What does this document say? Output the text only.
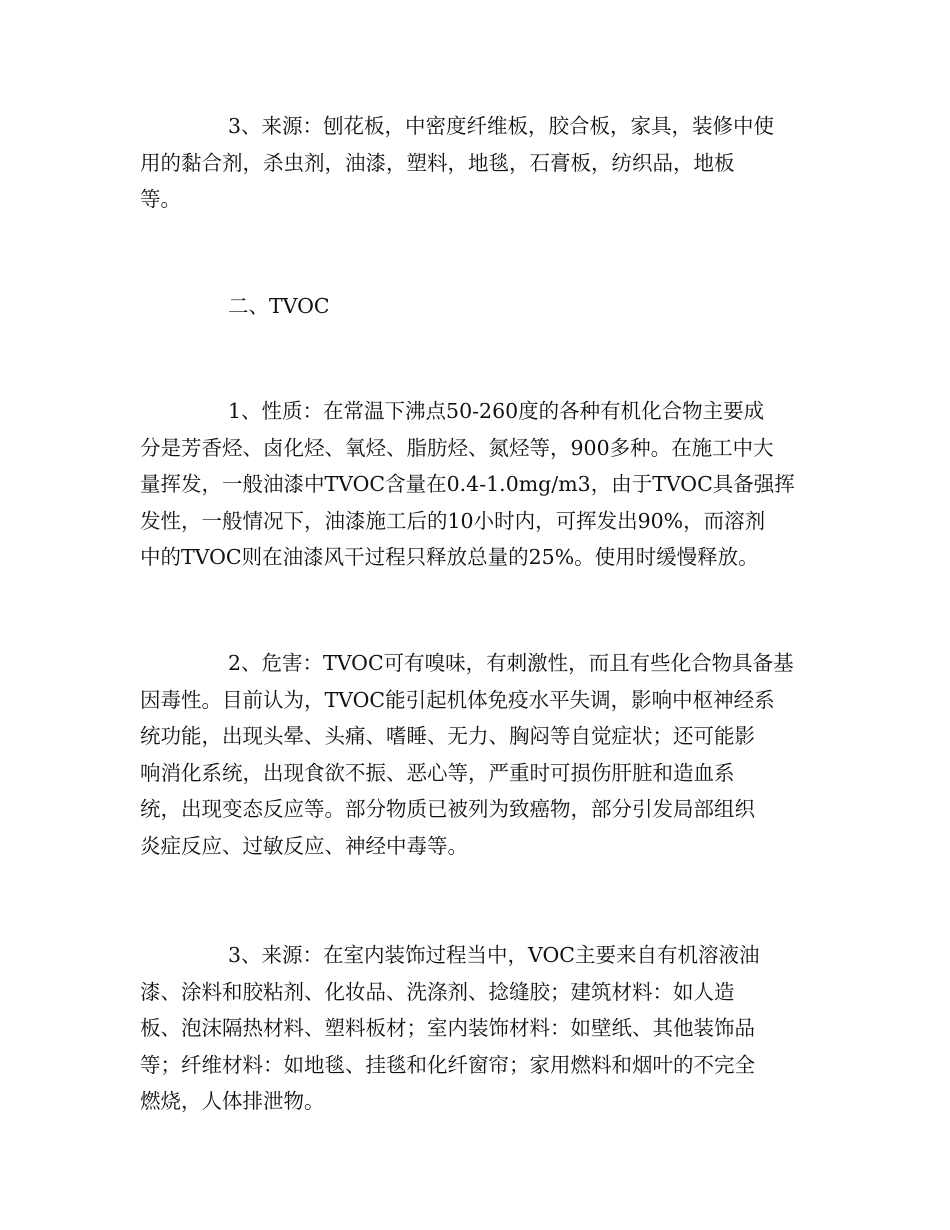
3、来源：刨花板，中密度纤维板，胶合板，家具，装修中使
用的黏合剂，杀虫剂，油漆，塑料，地毯，石膏板，纺织品，地板
等。
二、TVOC
1、性质：在常温下沸点50-260度的各种有机化合物主要成
分是芳香烃、卤化烃、氧烃、脂肪烃、氮烃等，900多种。在施工中大
量挥发，一般油漆中TVOC含量在0.4-1.0mg/m3，由于TVOC具备强挥
发性，一般情况下，油漆施工后的10小时内，可挥发出90%，而溶剂
中的TVOC则在油漆风干过程只释放总量的25%。使用时缓慢释放。
2、危害：TVOC可有嗅味，有刺激性，而且有些化合物具备基
因毒性。目前认为，TVOC能引起机体免疫水平失调，影响中枢神经系
统功能，出现头晕、头痛、嗜睡、无力、胸闷等自觉症状；还可能影
响消化系统，出现食欲不振、恶心等，严重时可损伤肝脏和造血系
统，出现变态反应等。部分物质已被列为致癌物，部分引发局部组织
炎症反应、过敏反应、神经中毒等。
3、来源：在室内装饰过程当中，VOC主要来自有机溶液油
漆、涂料和胶粘剂、化妆品、洗涤剂、捻缝胶；建筑材料：如人造
板、泡沫隔热材料、塑料板材；室内装饰材料：如壁纸、其他装饰品
等；纤维材料：如地毯、挂毯和化纤窗帘；家用燃料和烟叶的不完全
燃烧，人体排泄物。
